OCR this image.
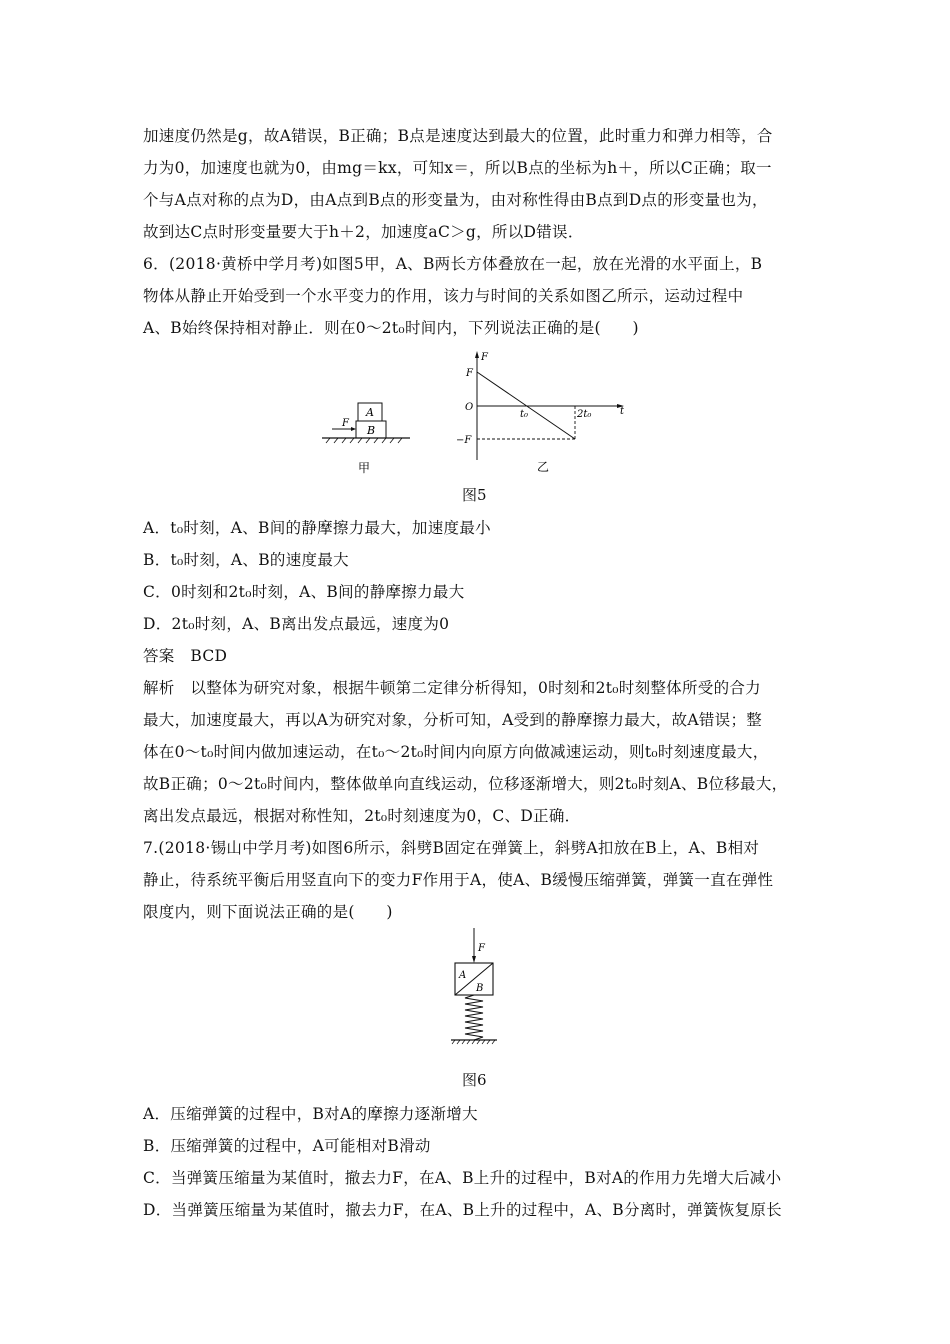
加速度仍然是g，故A错误，B正确；B点是速度达到最大的位置，此时重力和弹力相等，合
力为0，加速度也就为0，由mg＝kx，可知x＝，所以B点的坐标为h＋，所以C正确；取一
个与A点对称的点为D，由A点到B点的形变量为，由对称性得由B点到D点的形变量也为，
故到达C点时形变量要大于h＋2，加速度aC＞g，所以D错误．
6．(2018·黄桥中学月考)如图5甲，A、B两长方体叠放在一起，放在光滑的水平面上，B
物体从静止开始受到一个水平变力的作用，该力与时间的关系如图乙所示，运动过程中
A、B始终保持相对静止．则在0～2t₀时间内，下列说法正确的是(　　)
A
B
F
甲
F
F
O
−F
t₀	2t₀	t
乙
图5
A．t₀时刻，A、B间的静摩擦力最大，加速度最小
B．t₀时刻，A、B的速度最大
C．0时刻和2t₀时刻，A、B间的静摩擦力最大
D．2t₀时刻，A、B离出发点最远，速度为0
答案　BCD
解析　以整体为研究对象，根据牛顿第二定律分析得知，0时刻和2t₀时刻整体所受的合力
最大，加速度最大，再以A为研究对象，分析可知，A受到的静摩擦力最大，故A错误；整
体在0～t₀时间内做加速运动，在t₀～2t₀时间内向原方向做减速运动，则t₀时刻速度最大，
故B正确；0～2t₀时间内，整体做单向直线运动，位移逐渐增大，则2t₀时刻A、B位移最大，
离出发点最远，根据对称性知，2t₀时刻速度为0，C、D正确．
7.(2018·锡山中学月考)如图6所示，斜劈B固定在弹簧上，斜劈A扣放在B上，A、B相对
静止，待系统平衡后用竖直向下的变力F作用于A，使A、B缓慢压缩弹簧，弹簧一直在弹性
限度内，则下面说法正确的是(　　)
F
A
B
图6
A．压缩弹簧的过程中，B对A的摩擦力逐渐增大
B．压缩弹簧的过程中，A可能相对B滑动
C．当弹簧压缩量为某值时，撤去力F，在A、B上升的过程中，B对A的作用力先增大后减小
D．当弹簧压缩量为某值时，撤去力F，在A、B上升的过程中，A、B分离时，弹簧恢复原长
